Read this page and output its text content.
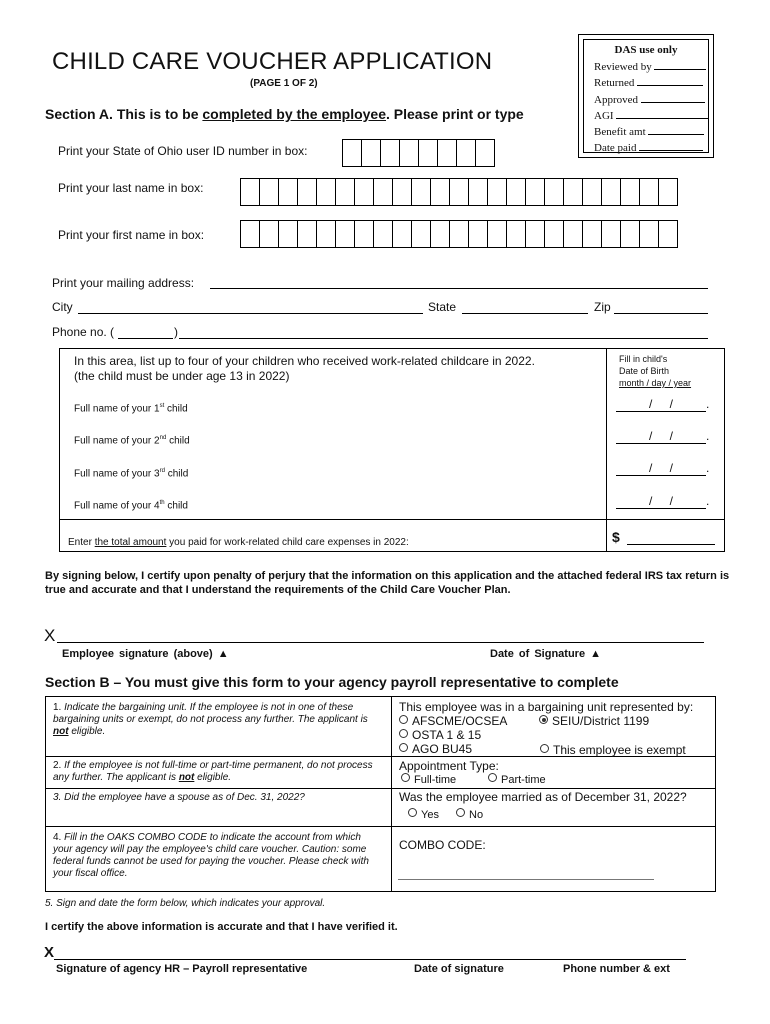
DAS use only
Reviewed by
Returned
Approved
AGI
Benefit amt
Date paid
CHILD CARE VOUCHER APPLICATION
(PAGE 1 OF 2)
Section A. This is to be completed by the employee. Please print or type
Print your State of Ohio user ID number in box:
Print your last name in box:
Print your first name in box:
Print your mailing address:
City	State	Zip
Phone no. (	)
In this area, list up to four of your children who received work-related childcare in 2022.
(the child must be under age 13 in 2022)
Fill in child's
Date of Birth
month / day / year
Full name of your 1st child	/ /	.
Full name of your 2nd child	/ /	.
Full name of your 3rd child	/ /	.
Full name of your 4th child	/ /	.
Enter the total amount you paid for work-related child care expenses in 2022:	$
By signing below, I certify upon penalty of perjury that the information on this application and the attached federal IRS tax return is true and accurate and that I understand the requirements of the Child Care Voucher Plan.
X
Employee signature (above) ▲	Date of Signature ▲
Section B – You must give this form to your agency payroll representative to complete
1. Indicate the bargaining unit. If the employee is not in one of these bargaining units or exempt, do not process any further. The applicant is not eligible.
This employee was in a bargaining unit represented by:
AFSCME/OCSEA	SEIU/District 1199
OSTA 1 & 15
AGO BU45	This employee is exempt
2. If the employee is not full-time or part-time permanent, do not process any further. The applicant is not eligible.
Appointment Type:
Full-time	Part-time
3. Did the employee have a spouse as of Dec. 31, 2022?	Was the employee married as of December 31, 2022?
Yes	No
4. Fill in the OAKS COMBO CODE to indicate the account from which your agency will pay the employee's child care voucher. Caution: some federal funds cannot be used for paying the voucher. Please check with your fiscal office.
COMBO CODE:
5. Sign and date the form below, which indicates your approval.
I certify the above information is accurate and that I have verified it.
X
Signature of agency HR – Payroll representative	Date of signature	Phone number & ext
